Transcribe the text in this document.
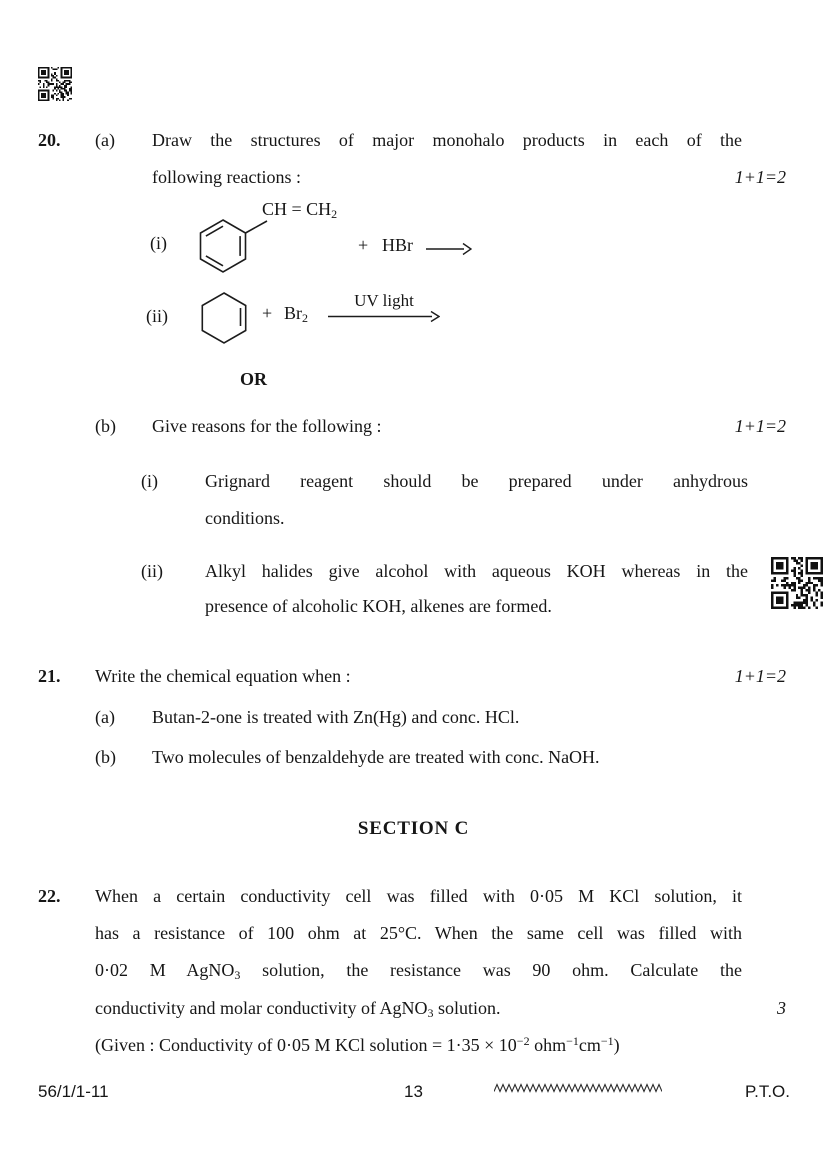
20. (a) Draw the structures of major monohalo products in each of the
following reactions :	1+1=2
(i)
CH = $CH_2$
+ HBr →
(ii)	+ $Br_2$
UV light
OR
(b) Give reasons for the following :	1+1=2
(i)	Grignard reagent should be prepared under anhydrous
conditions.
(ii) Alkyl halides give alcohol with aqueous KOH whereas in the
presence of alcoholic KOH, alkenes are formed.
21. Write the chemical equation when :	1+1=2
(a) Butan-2-one is treated with Zn(Hg) and conc. HCl.
(b) Two molecules of benzaldehyde are treated with conc. NaOH.
SECTION C
22. When a certain conductivity cell was filled with 0·05 M KCl solution, it
has a resistance of 100 ohm at 25°C. When the same cell was filled with
0·02 M AgNO$_3$ solution, the resistance was 90 ohm. Calculate the
conductivity and molar conductivity of AgNO$_3$ solution.	3
(Given : Conductivity of 0·05 M KCl solution = $1\cdot 35 \times 10^{-2}$ $ohm^{-1}cm^{-1}$)
56/1/1-11	13	P.T.O.
